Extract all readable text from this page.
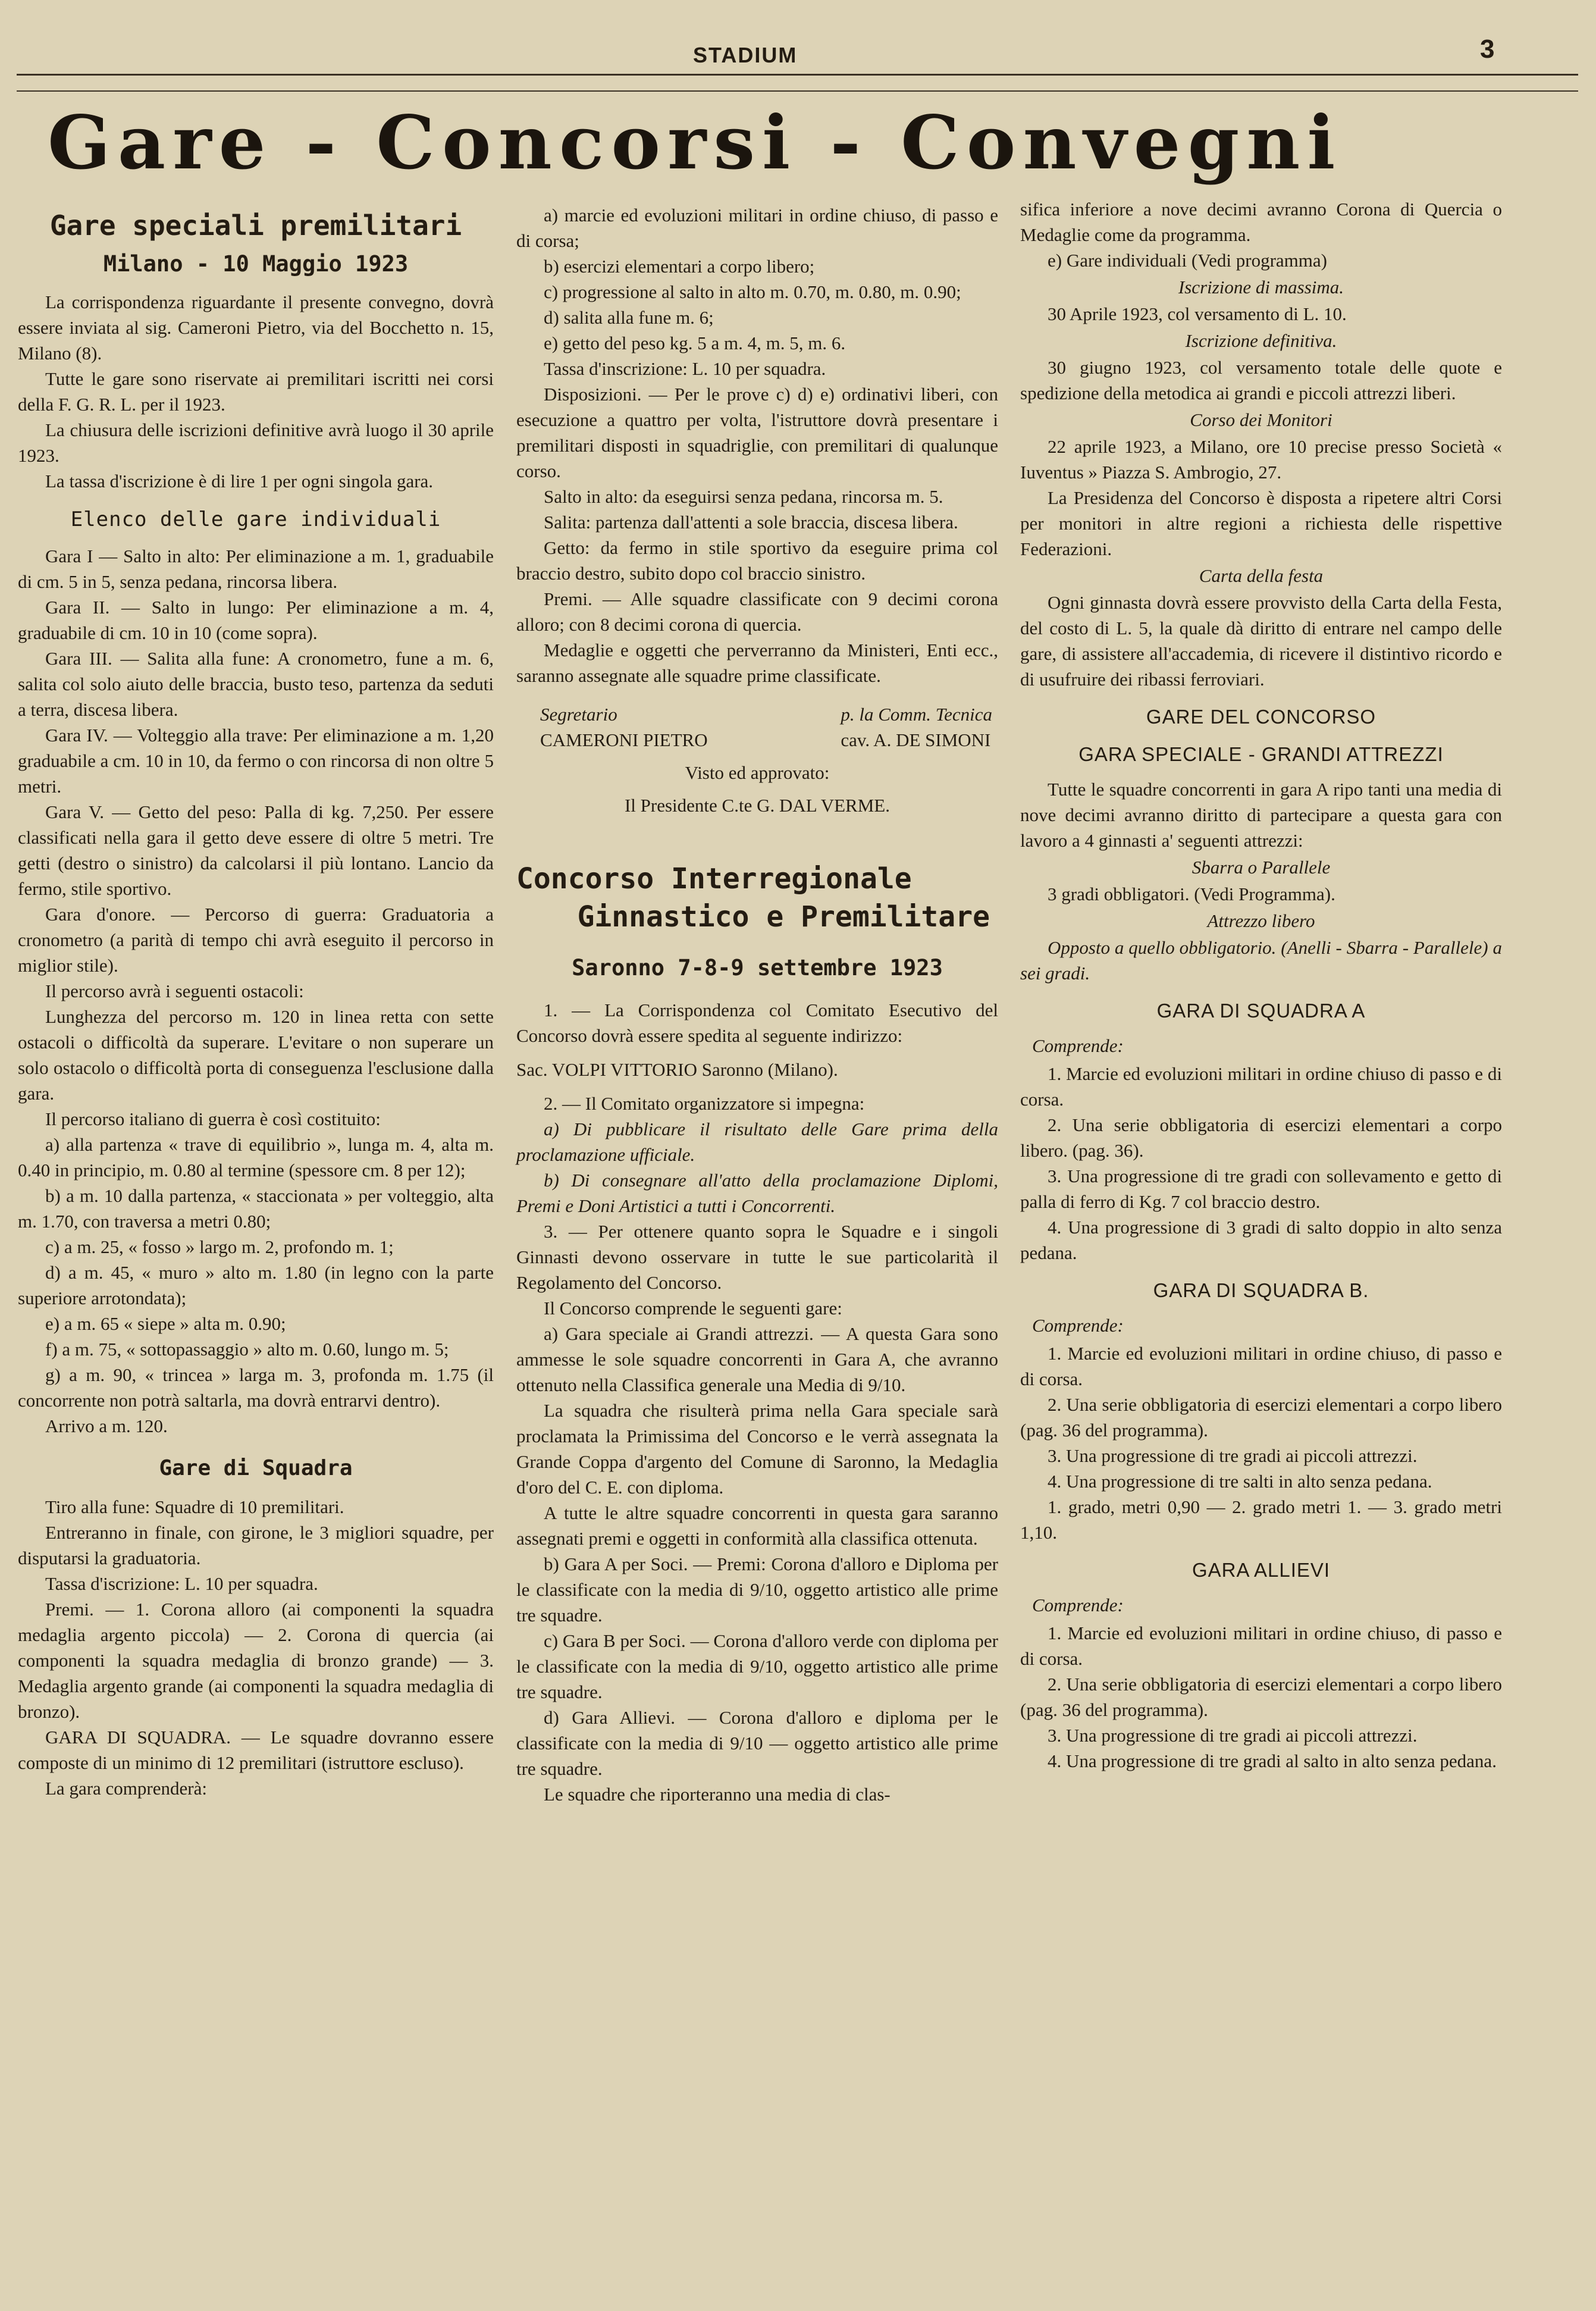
STADIUM	3
Gare - Concorsi - Convegni
Gare speciali premilitari
Milano - 10 Maggio 1923

La corrispondenza riguardante il presente convegno, dovrà essere inviata al sig. Cameroni Pietro, via del Bocchetto n. 15, Milano (8).

Tutte le gare sono riservate ai premilitari iscritti nei corsi della F. G. R. L. per il 1923.

La chiusura delle iscrizioni definitive avrà luogo il 30 aprile 1923.

La tassa d'iscrizione è di lire 1 per ogni singola gara.

Elenco delle gare individuali

Gara I — Salto in alto: Per eliminazione a m. 1, graduabile di cm. 5 in 5, senza pedana, rincorsa libera.

Gara II. — Salto in lungo: Per eliminazione a m. 4, graduabile di cm. 10 in 10 (come sopra).

Gara III. — Salita alla fune: A cronometro, fune a m. 6, salita col solo aiuto delle braccia, busto teso, partenza da seduti a terra, discesa libera.

Gara IV. — Volteggio alla trave: Per eliminazione a m. 1,20 graduabile a cm. 10 in 10, da fermo o con rincorsa di non oltre 5 metri.

Gara V. — Getto del peso: Palla di kg. 7,250. Per essere classificati nella gara il getto deve essere di oltre 5 metri. Tre getti (destro o sinistro) da calcolarsi il più lontano. Lancio da fermo, stile sportivo.

Gara d'onore. — Percorso di guerra: Graduatoria a cronometro (a parità di tempo chi avrà eseguito il percorso in miglior stile).

Il percorso avrà i seguenti ostacoli:

Lunghezza del percorso m. 120 in linea retta con sette ostacoli o difficoltà da superare. L'evitare o non superare un solo ostacolo o difficoltà porta di conseguenza l'esclusione dalla gara.

Il percorso italiano di guerra è così costituito:

a) alla partenza « trave di equilibrio », lunga m. 4, alta m. 0.40 in principio, m. 0.80 al termine (spessore cm. 8 per 12);

b) a m. 10 dalla partenza, « staccionata » per volteggio, alta m. 1.70, con traversa a metri 0.80;

c) a m. 25, « fosso » largo m. 2, profondo m. 1;

d) a m. 45, « muro » alto m. 1.80 (in legno con la parte superiore arrotondata);

e) a m. 65 « siepe » alta m. 0.90;

f) a m. 75, « sottopassaggio » alto m. 0.60, lungo m. 5;

g) a m. 90, « trincea » larga m. 3, profonda m. 1.75 (il concorrente non potrà saltarla, ma dovrà entrarvi dentro).

Arrivo a m. 120.

Gare di Squadra

Tiro alla fune: Squadre di 10 premilitari.

Entreranno in finale, con girone, le 3 migliori squadre, per disputarsi la graduatoria.

Tassa d'iscrizione: L. 10 per squadra.

Premi. — 1. Corona alloro (ai componenti la squadra medaglia argento piccola) — 2. Corona di quercia (ai componenti la squadra medaglia di bronzo grande) — 3. Medaglia argento grande (ai componenti la squadra medaglia di bronzo).

GARA DI SQUADRA. — Le squadre dovranno essere composte di un minimo di 12 premilitari (istruttore escluso).

La gara comprenderà:

a) marcie ed evoluzioni militari in ordine chiuso, di passo e di corsa;

b) esercizi elementari a corpo libero;

c) progressione al salto in alto m. 0.70, m. 0.80, m. 0.90;

d) salita alla fune m. 6;

e) getto del peso kg. 5 a m. 4, m. 5, m. 6.

Tassa d'inscrizione: L. 10 per squadra.

Disposizioni. — Per le prove c) d) e) ordinativi liberi, con esecuzione a quattro per volta, l'istruttore dovrà presentare i premilitari disposti in squadriglie, con premilitari di qualunque corso.

Salto in alto: da eseguirsi senza pedana, rincorsa m. 5.

Salita: partenza dall'attenti a sole braccia, discesa libera.

Getto: da fermo in stile sportivo da eseguire prima col braccio destro, subito dopo col braccio sinistro.

Premi. — Alle squadre classificate con 9 decimi corona alloro; con 8 decimi corona di quercia.

Medaglie e oggetti che perverranno da Ministeri, Enti ecc., saranno assegnate alle squadre prime classificate.

Segretario
CAMERONI PIETRO
p. la Comm. Tecnica
cav. A. DE SIMONI
Visto ed approvato:
Il Presidente C.te G. DAL VERME.
Concorso Interregionale
Ginnastico e Premilitare
Saronno 7-8-9 settembre 1923

1. — La Corrispondenza col Comitato Esecutivo del Concorso dovrà essere spedita al seguente indirizzo:

Sac. VOLPI VITTORIO Saronno (Milano).

2. — Il Comitato organizzatore si impegna:

a) Di pubblicare il risultato delle Gare prima della proclamazione ufficiale.

b) Di consegnare all'atto della proclamazione Diplomi, Premi e Doni Artistici a tutti i Concorrenti.

3. — Per ottenere quanto sopra le Squadre e i singoli Ginnasti devono osservare in tutte le sue particolarità il Regolamento del Concorso.

Il Concorso comprende le seguenti gare:

a) Gara speciale ai Grandi attrezzi. — A questa Gara sono ammesse le sole squadre concorrenti in Gara A, che avranno ottenuto nella Classifica generale una Media di 9/10.

La squadra che risulterà prima nella Gara speciale sarà proclamata la Primissima del Concorso e le verrà assegnata la Grande Coppa d'argento del Comune di Saronno, la Medaglia d'oro del C. E. con diploma.

A tutte le altre squadre concorrenti in questa gara saranno assegnati premi e oggetti in conformità alla classifica ottenuta.

b) Gara A per Soci. — Premi: Corona d'alloro e Diploma per le classificate con la media di 9/10, oggetto artistico alle prime tre squadre.

c) Gara B per Soci. — Corona d'alloro verde con diploma per le classificate con la media di 9/10, oggetto artistico alle prime tre squadre.

d) Gara Allievi. — Corona d'alloro e diploma per le classificate con la media di 9/10 — oggetto artistico alle prime tre squadre.

Le squadre che riporteranno una media di clas-

sifica inferiore a nove decimi avranno Corona di Quercia o Medaglie come da programma.

e) Gare individuali (Vedi programma)

Iscrizione di massima.

30 Aprile 1923, col versamento di L. 10.

Iscrizione definitiva.

30 giugno 1923, col versamento totale delle quote e spedizione della metodica ai grandi e piccoli attrezzi liberi.

Corso dei Monitori

22 aprile 1923, a Milano, ore 10 precise presso Società « Iuventus » Piazza S. Ambrogio, 27.

La Presidenza del Concorso è disposta a ripetere altri Corsi per monitori in altre regioni a richiesta delle rispettive Federazioni.

Carta della festa

Ogni ginnasta dovrà essere provvisto della Carta della Festa, del costo di L. 5, la quale dà diritto di entrare nel campo delle gare, di assistere all'accademia, di ricevere il distintivo ricordo e di usufruire dei ribassi ferroviari.

GARE DEL CONCORSO
GARA SPECIALE - GRANDI ATTREZZI

Tutte le squadre concorrenti in gara A ripo tanti una media di nove decimi avranno diritto di partecipare a questa gara con lavoro a 4 ginnasti a' seguenti attrezzi:

Sbarra o Parallele

3 gradi obbligatori. (Vedi Programma).

Attrezzo libero

Opposto a quello obbligatorio. (Anelli - Sbarra - Parallele) a sei gradi.

GARA DI SQUADRA A
Comprende:

1. Marcie ed evoluzioni militari in ordine chiuso di passo e di corsa.

2. Una serie obbligatoria di esercizi elementari a corpo libero. (pag. 36).

3. Una progressione di tre gradi con sollevamento e getto di palla di ferro di Kg. 7 col braccio destro.

4. Una progressione di 3 gradi di salto doppio in alto senza pedana.

GARA DI SQUADRA B.
Comprende:

1. Marcie ed evoluzioni militari in ordine chiuso, di passo e di corsa.

2. Una serie obbligatoria di esercizi elementari a corpo libero (pag. 36 del programma).

3. Una progressione di tre gradi ai piccoli attrezzi.

4. Una progressione di tre salti in alto senza pedana.

1. grado, metri 0,90 — 2. grado metri 1. — 3. grado metri 1,10.

GARA ALLIEVI
Comprende:

1. Marcie ed evoluzioni militari in ordine chiuso, di passo e di corsa.

2. Una serie obbligatoria di esercizi elementari a corpo libero (pag. 36 del programma).

3. Una progressione di tre gradi ai piccoli attrezzi.

4. Una progressione di tre gradi al salto in alto senza pedana.
